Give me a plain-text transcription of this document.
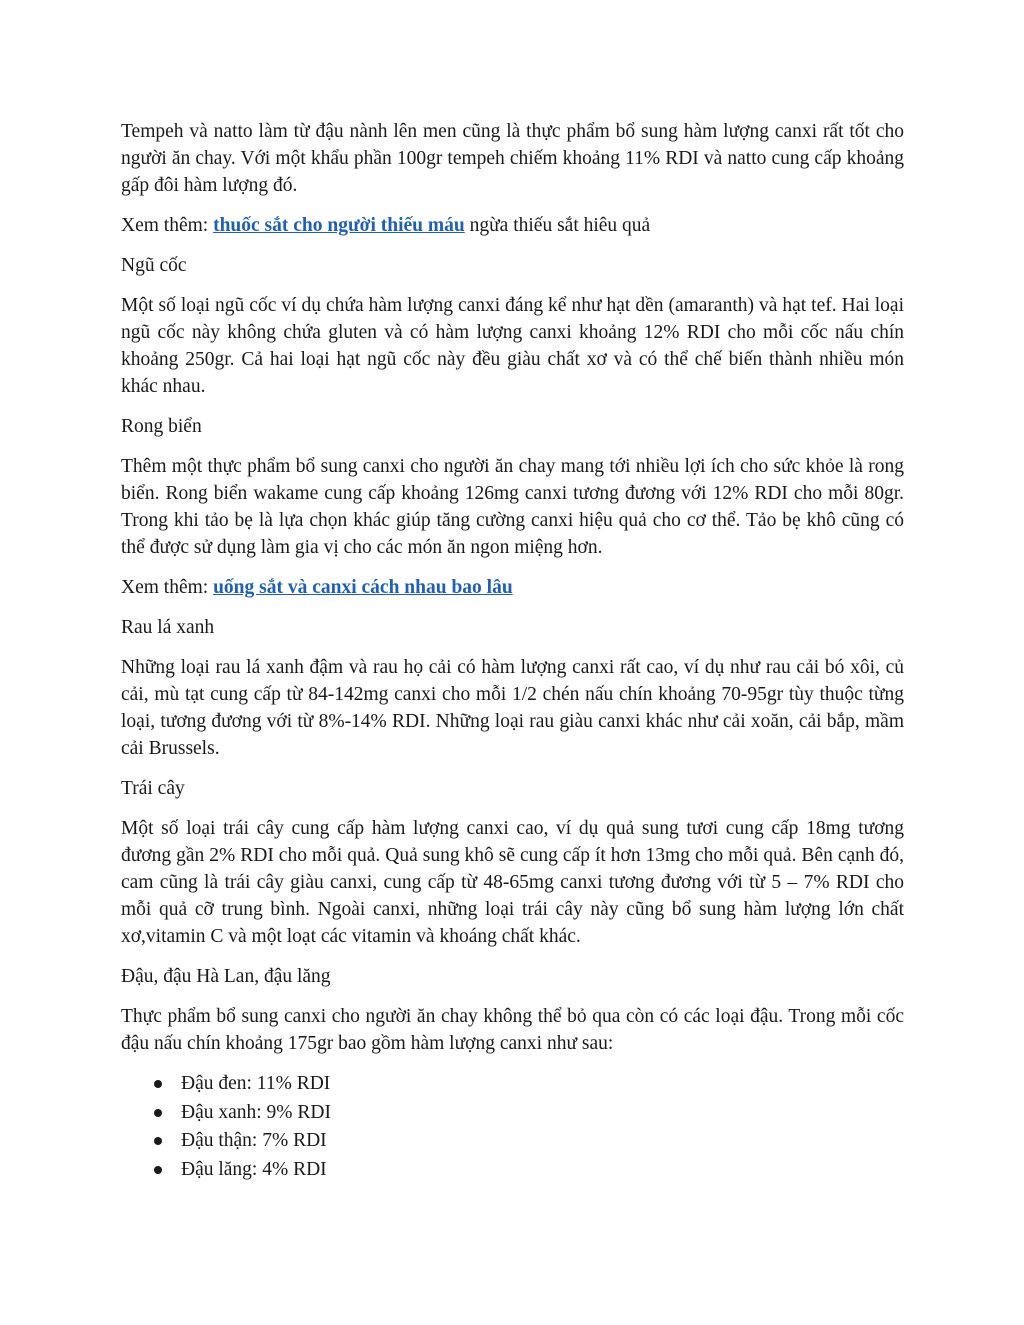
Tempeh và natto làm từ đậu nành lên men cũng là thực phẩm bổ sung hàm lượng canxi rất tốt cho người ăn chay. Với một khẩu phần 100gr tempeh chiếm khoảng 11% RDI và natto cung cấp khoảng gấp đôi hàm lượng đó.

Xem thêm: thuốc sắt cho người thiếu máu ngừa thiếu sắt hiêu quả

Ngũ cốc

Một số loại ngũ cốc ví dụ chứa hàm lượng canxi đáng kể như hạt dền (amaranth) và hạt tef. Hai loại ngũ cốc này không chứa gluten và có hàm lượng canxi khoảng 12% RDI cho mỗi cốc nấu chín khoảng 250gr. Cả hai loại hạt ngũ cốc này đều giàu chất xơ và có thể chế biến thành nhiều món khác nhau.

Rong biển

Thêm một thực phẩm bổ sung canxi cho người ăn chay mang tới nhiều lợi ích cho sức khỏe là rong biển. Rong biển wakame cung cấp khoảng 126mg canxi tương đương với 12% RDI cho mỗi 80gr. Trong khi tảo bẹ là lựa chọn khác giúp tăng cường canxi hiệu quả cho cơ thể. Tảo bẹ khô cũng có thể được sử dụng làm gia vị cho các món ăn ngon miệng hơn.

Xem thêm: uống sắt và canxi cách nhau bao lâu

Rau lá xanh

Những loại rau lá xanh đậm và rau họ cải có hàm lượng canxi rất cao, ví dụ như rau cải bó xôi, củ cải, mù tạt cung cấp từ 84-142mg canxi cho mỗi 1/2 chén nấu chín khoảng 70-95gr tùy thuộc từng loại, tương đương với từ 8%-14% RDI. Những loại rau giàu canxi khác như cải xoăn, cải bắp, mầm cải Brussels.

Trái cây

Một số loại trái cây cung cấp hàm lượng canxi cao, ví dụ quả sung tươi cung cấp 18mg tương đương gần 2% RDI cho mỗi quả. Quả sung khô sẽ cung cấp ít hơn 13mg cho mỗi quả. Bên cạnh đó, cam cũng là trái cây giàu canxi, cung cấp từ 48-65mg canxi tương đương với từ 5 – 7% RDI cho mỗi quả cỡ trung bình. Ngoài canxi, những loại trái cây này cũng bổ sung hàm lượng lớn chất xơ,vitamin C và một loạt các vitamin và khoáng chất khác.

Đậu, đậu Hà Lan, đậu lăng

Thực phẩm bổ sung canxi cho người ăn chay không thể bỏ qua còn có các loại đậu. Trong mỗi cốc đậu nấu chín khoảng 175gr bao gồm hàm lượng canxi như sau:

Đậu đen: 11% RDI
Đậu xanh: 9% RDI
Đậu thận: 7% RDI
Đậu lăng: 4% RDI
